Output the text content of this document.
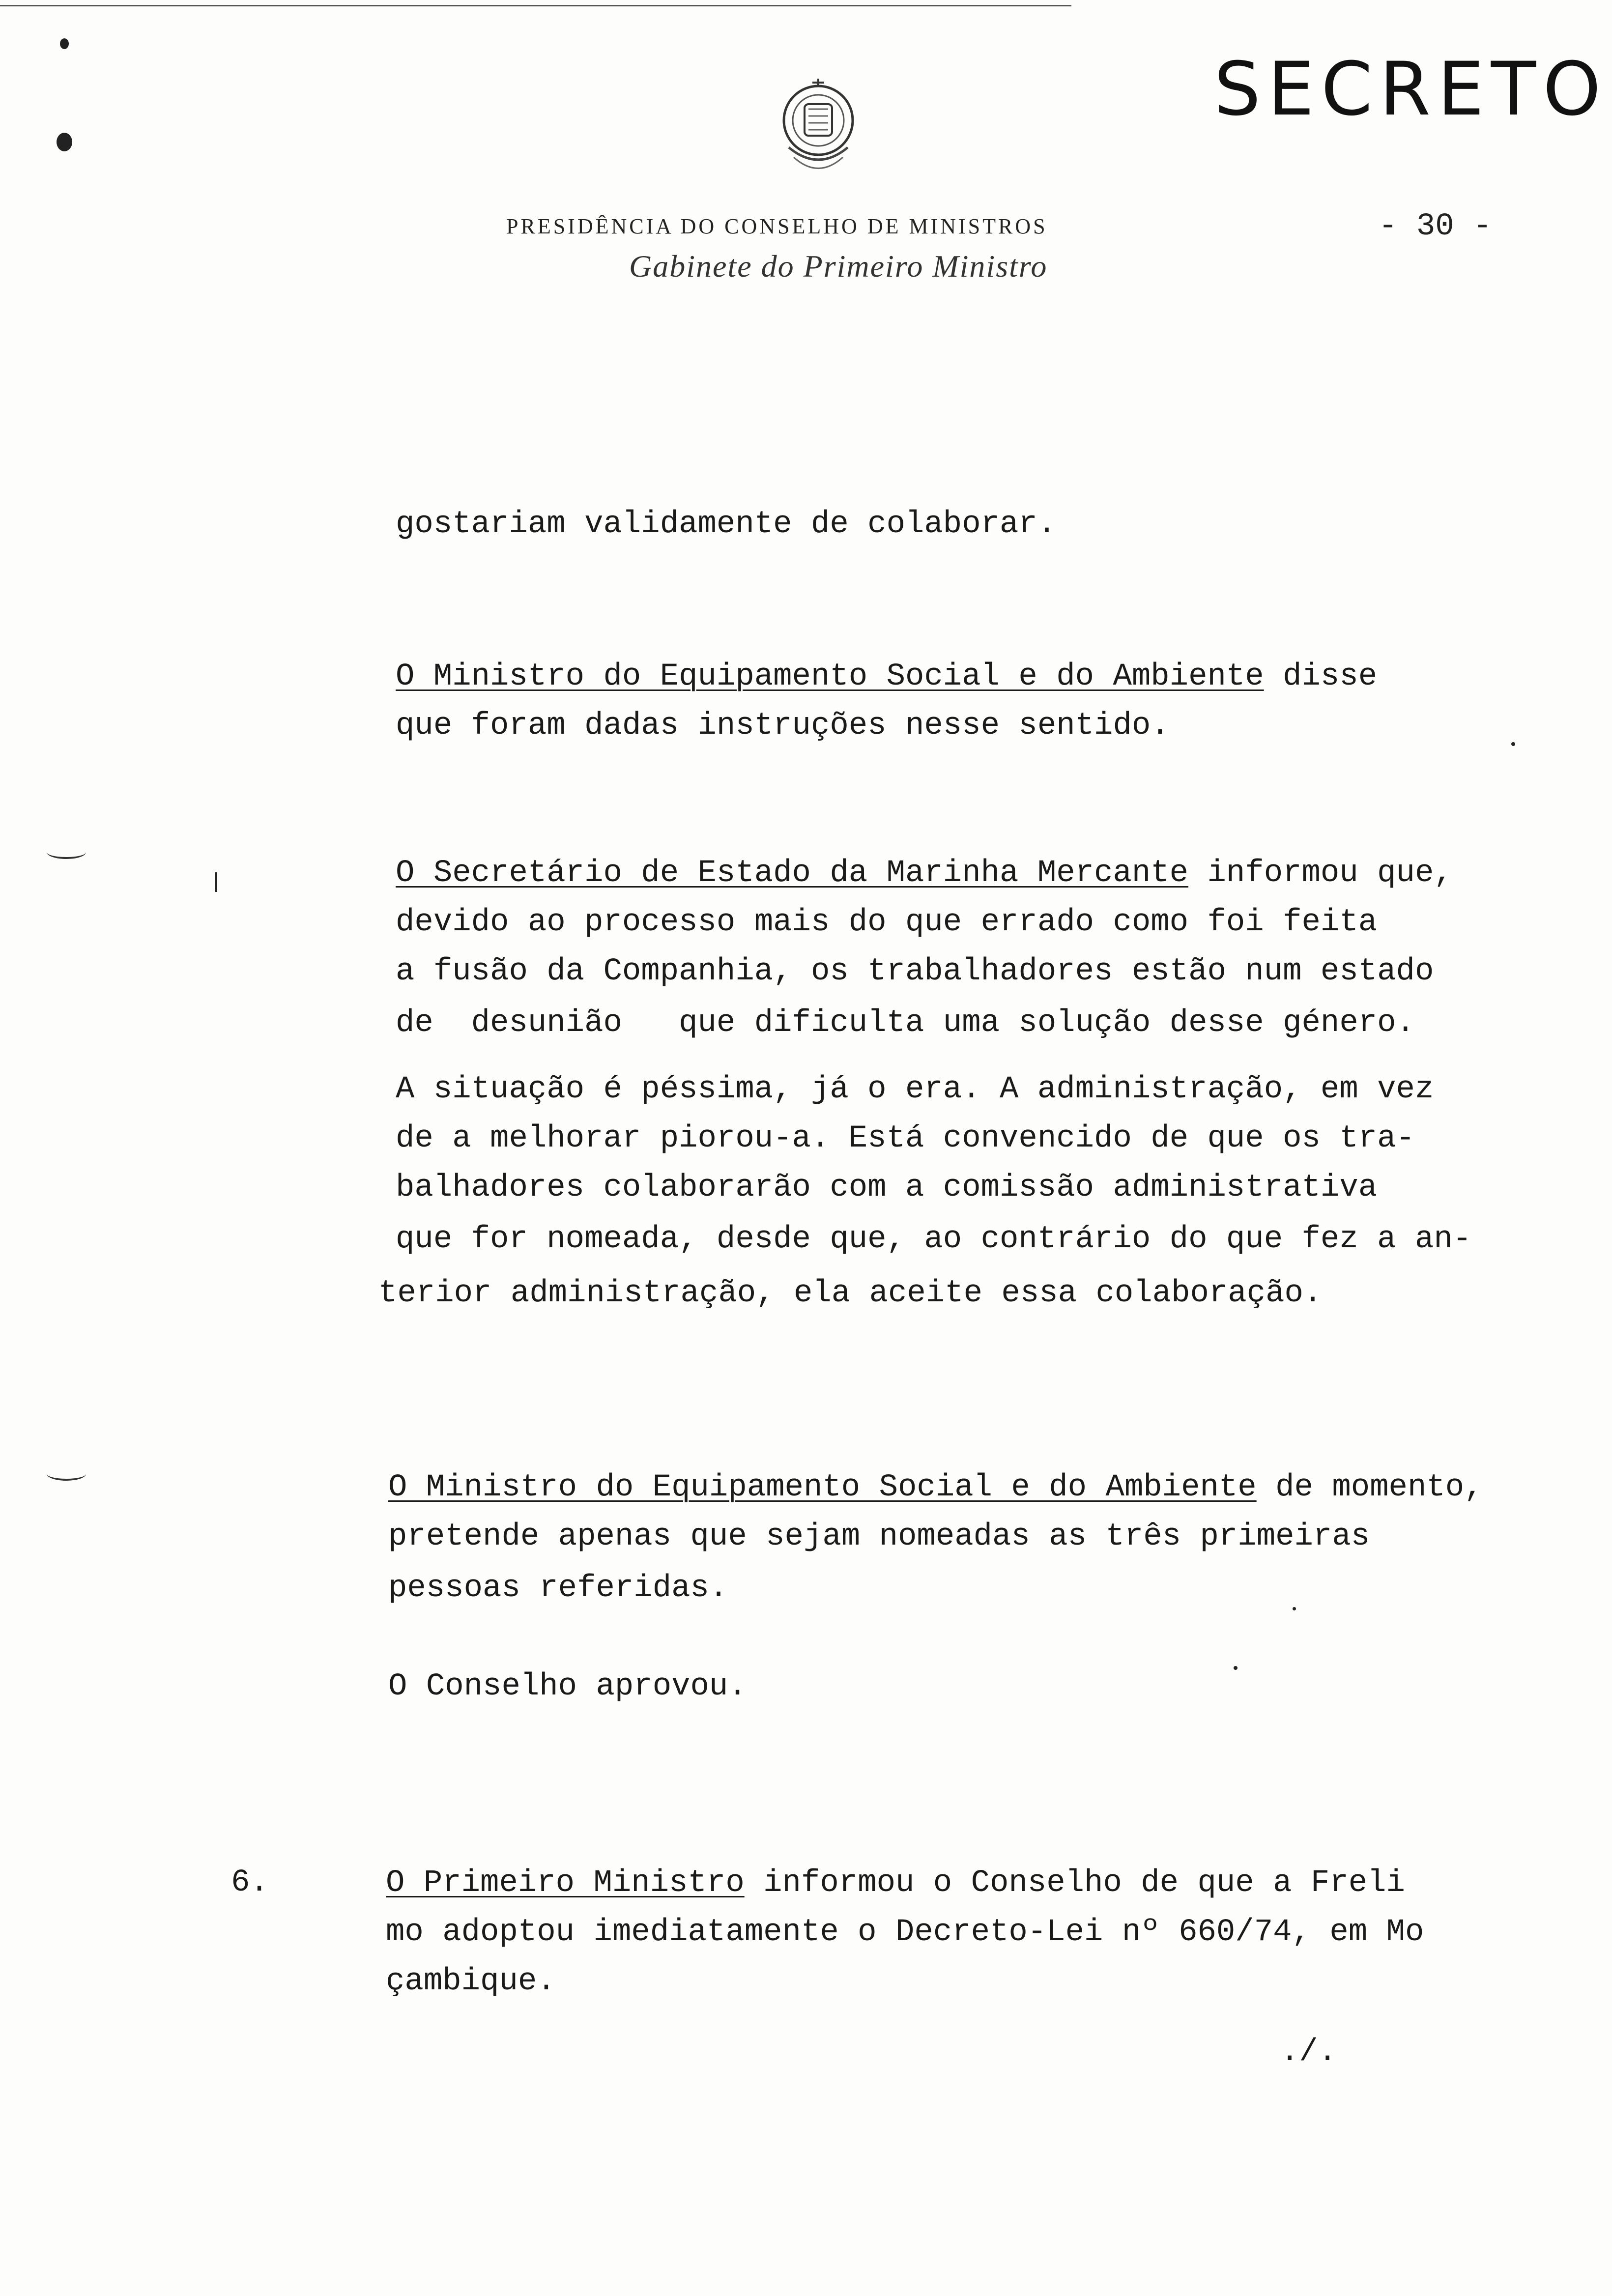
SECRETO
PRESIDÊNCIA DO CONSELHO DE MINISTROS	- 30 -
Gabinete do Primeiro Ministro
gostariam validamente de colaborar.
O Ministro do Equipamento Social e do Ambiente disse
que foram dadas instruções nesse sentido.
O Secretário de Estado da Marinha Mercante informou que,
devido ao processo mais do que errado como foi feita
a fusão da Companhia, os trabalhadores estão num estado
de  desunião   que dificulta uma solução desse género.
A situação é péssima, já o era. A administração, em vez
de a melhorar piorou-a. Está convencido de que os tra-
balhadores colaborarão com a comissão administrativa
que for nomeada, desde que, ao contrário do que fez a an-
terior administração, ela aceite essa colaboração.
O Ministro do Equipamento Social e do Ambiente de momento,
pretende apenas que sejam nomeadas as três primeiras
pessoas referidas.
O Conselho aprovou.
6.	O Primeiro Ministro informou o Conselho de que a Freli
mo adoptou imediatamente o Decreto-Lei nº 660/74, em Mo
çambique.
./.
